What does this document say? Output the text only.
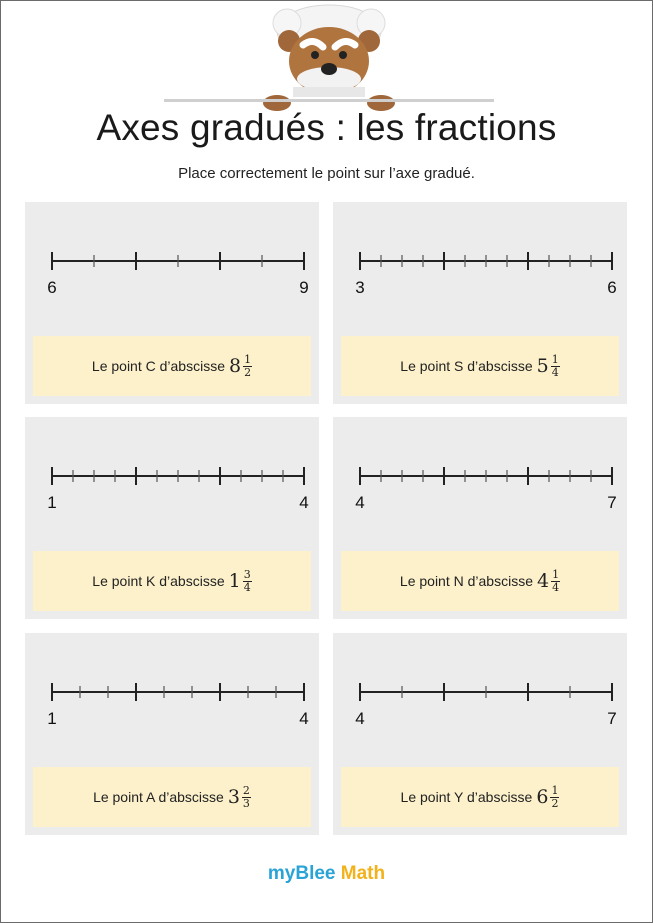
Axes gradués : les fractions
Place correctement le point sur l’axe gradué.
6	9
Le point C d’abscisse $8 \frac{1}{2}$
3	6
Le point S d’abscisse $5 \frac{1}{4}$
1	4
Le point K d’abscisse $1 \frac{3}{4}$
4	7
Le point N d’abscisse $4 \frac{1}{4}$
1	4
Le point A d’abscisse $3 \frac{2}{3}$
4	7
Le point Y d’abscisse $6 \frac{1}{2}$
myBlee Math
